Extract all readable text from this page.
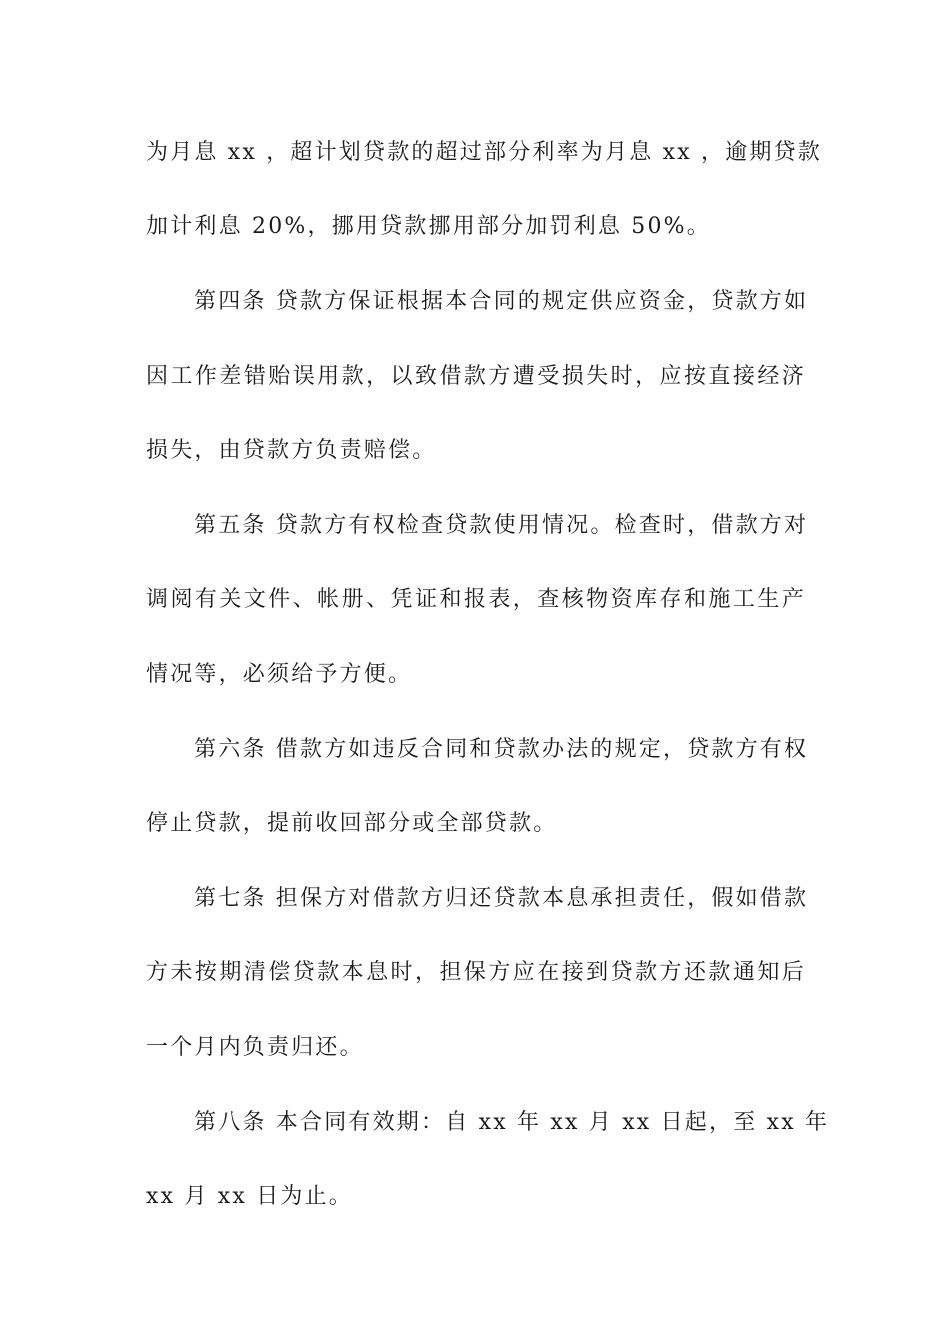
为月息 xx ，超计划贷款的超过部分利率为月息 xx ，逾期贷款
加计利息 20%，挪用贷款挪用部分加罚利息 50%。
第四条 贷款方保证根据本合同的规定供应资金，贷款方如
因工作差错贻误用款，以致借款方遭受损失时，应按直接经济
损失，由贷款方负责赔偿。
第五条 贷款方有权检查贷款使用情况。检查时，借款方对
调阅有关文件、帐册、凭证和报表，查核物资库存和施工生产
情况等，必须给予方便。
第六条 借款方如违反合同和贷款办法的规定，贷款方有权
停止贷款，提前收回部分或全部贷款。
第七条 担保方对借款方归还贷款本息承担责任，假如借款
方未按期清偿贷款本息时，担保方应在接到贷款方还款通知后
一个月内负责归还。
第八条 本合同有效期：自 xx 年 xx 月 xx 日起，至 xx 年
xx 月 xx 日为止。
